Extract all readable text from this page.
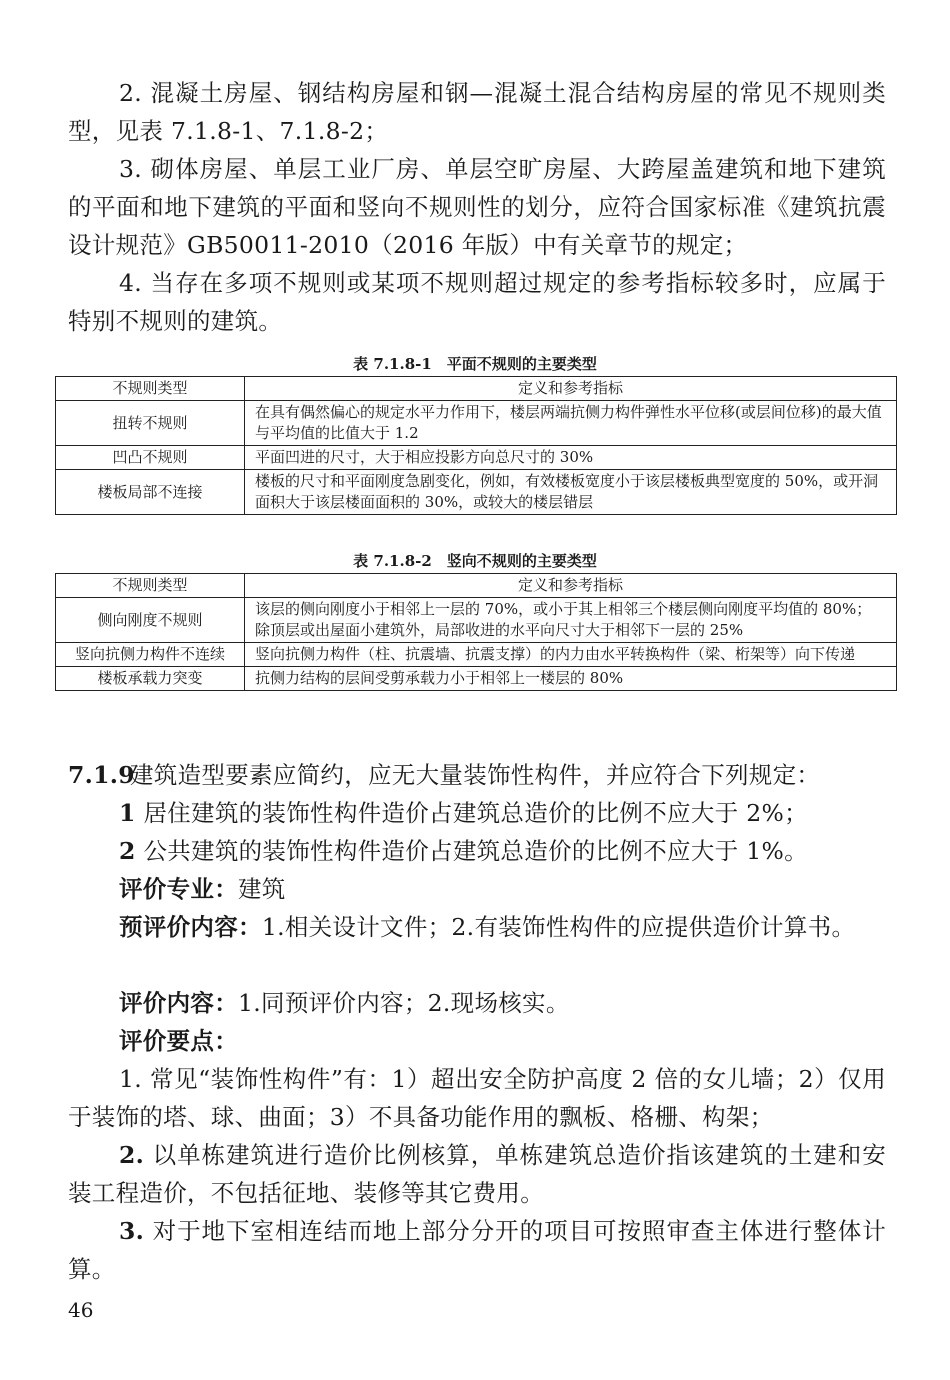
2. 混凝土房屋、钢结构房屋和钢—混凝土混合结构房屋的常见不规则类型，见表 7.1.8-1、7.1.8-2；

3. 砌体房屋、单层工业厂房、单层空旷房屋、大跨屋盖建筑和地下建筑的平面和地下建筑的平面和竖向不规则性的划分，应符合国家标准《建筑抗震设计规范》GB50011-2010（2016 年版）中有关章节的规定；

4. 当存在多项不规则或某项不规则超过规定的参考指标较多时，应属于特别不规则的建筑。

表 7.1.8-1　平面不规则的主要类型

不规则类型	定义和参考指标
扭转不规则	在具有偶然偏心的规定水平力作用下，楼层两端抗侧力构件弹性水平位移(或层间位移)的最大值与平均值的比值大于 1.2
凹凸不规则	平面凹进的尺寸，大于相应投影方向总尺寸的 30%
楼板局部不连接	楼板的尺寸和平面刚度急剧变化，例如，有效楼板宽度小于该层楼板典型宽度的 50%，或开洞面积大于该层楼面面积的 30%，或较大的楼层错层

表 7.1.8-2　竖向不规则的主要类型

不规则类型	定义和参考指标
侧向刚度不规则	该层的侧向刚度小于相邻上一层的 70%，或小于其上相邻三个楼层侧向刚度平均值的 80%；除顶层或出屋面小建筑外，局部收进的水平向尺寸大于相邻下一层的 25%
竖向抗侧力构件不连续	竖向抗侧力构件（柱、抗震墙、抗震支撑）的内力由水平转换构件（梁、桁架等）向下传递
楼板承载力突变	抗侧力结构的层间受剪承载力小于相邻上一楼层的 80%

7.1.9建筑造型要素应简约，应无大量装饰性构件，并应符合下列规定：

1 居住建筑的装饰性构件造价占建筑总造价的比例不应大于 2%；

2 公共建筑的装饰性构件造价占建筑总造价的比例不应大于 1%。

评价专业：建筑

预评价内容：1.相关设计文件；2.有装饰性构件的应提供造价计算书。

评价内容：1.同预评价内容；2.现场核实。

评价要点：

1. 常见“装饰性构件”有：1）超出安全防护高度 2 倍的女儿墙；2）仅用于装饰的塔、球、曲面；3）不具备功能作用的飘板、格栅、构架；

2. 以单栋建筑进行造价比例核算，单栋建筑总造价指该建筑的土建和安装工程造价，不包括征地、装修等其它费用。

3. 对于地下室相连结而地上部分分开的项目可按照审查主体进行整体计算。

46
